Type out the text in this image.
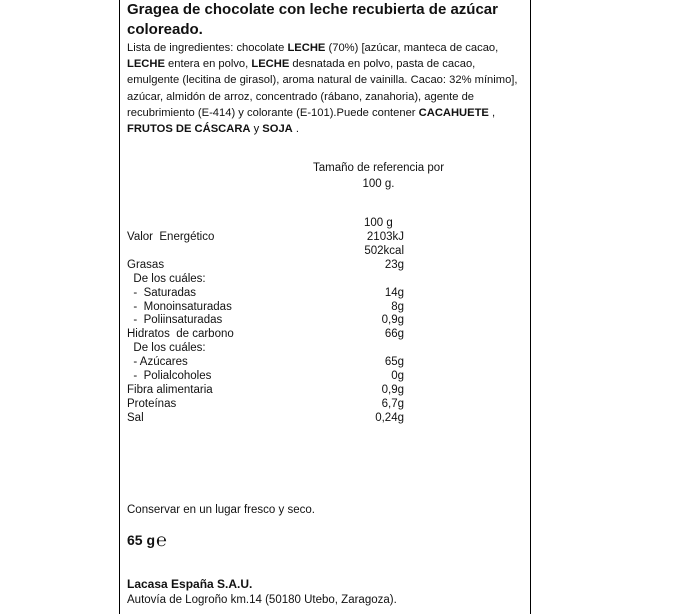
Gragea de chocolate con leche recubierta de azúcar coloreado.
Lista de ingredientes: chocolate LECHE (70%) [azúcar, manteca de cacao, LECHE entera en polvo, LECHE desnatada en polvo, pasta de cacao, emulgente (lecitina de girasol), aroma natural de vainilla. Cacao: 32% mínimo], azúcar, almidón de arroz, concentrado (rábano, zanahoria), agente de recubrimiento (E-414) y colorante (E-101).Puede contener CACAHUETE , FRUTOS DE CÁSCARA y SOJA .
Tamaño de referencia por
100 g.
100 g
Valor  Energético	2103kJ
502kcal
Grasas	23g
De los cuáles:
-  Saturadas	14g
-  Monoinsaturadas	8g
-  Poliinsaturadas	0,9g
Hidratos  de carbono	66g
De los cuáles:
- Azúcares	65g
-  Polialcoholes	0g
Fibra alimentaria	0,9g
Proteínas	6,7g
Sal	0,24g
Conservar en un lugar fresco y seco.
65 g℮
Lacasa España S.A.U.
Autovía de Logroño km.14 (50180 Utebo, Zaragoza).
